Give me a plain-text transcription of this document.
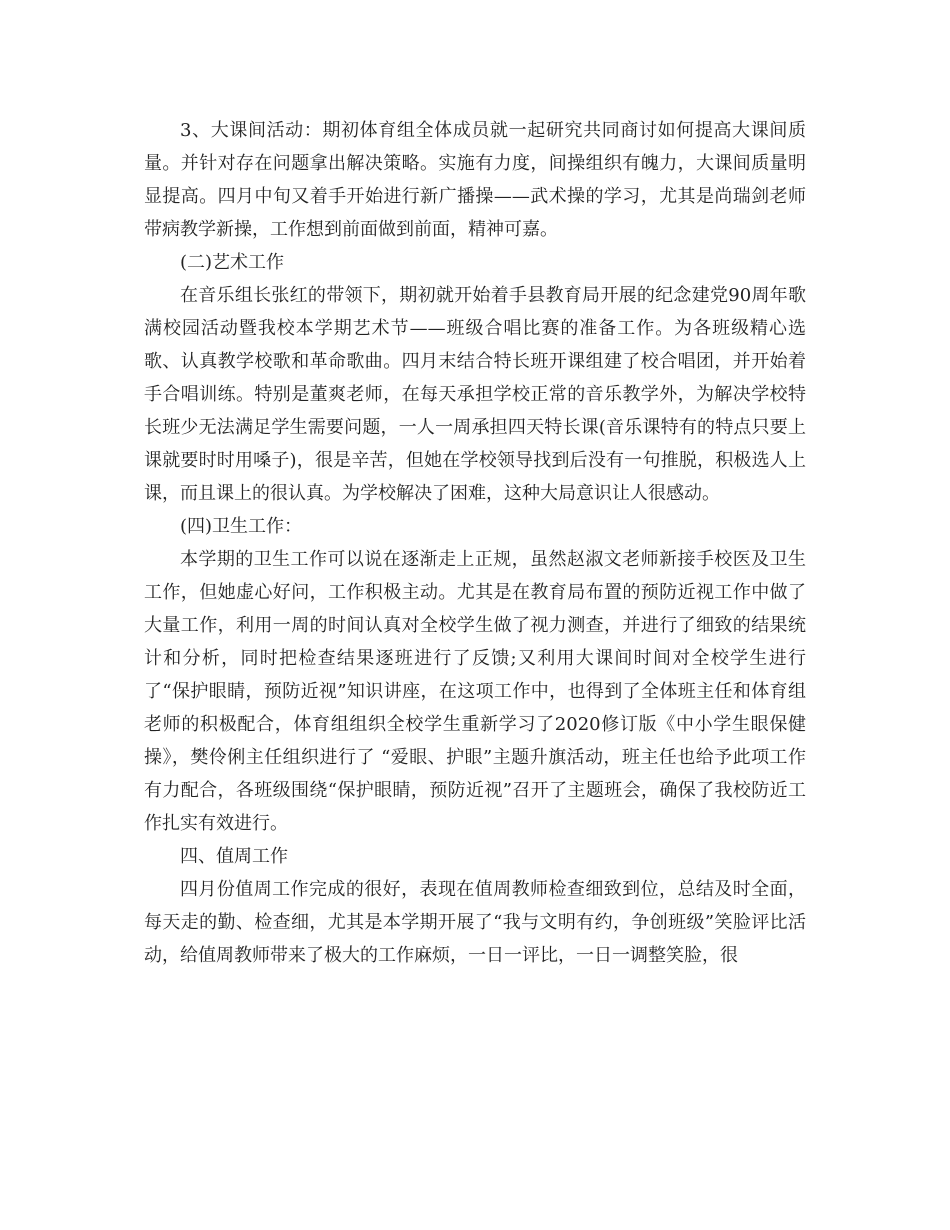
3、大课间活动：期初体育组全体成员就一起研究共同商讨如何提高大课间质量。并针对存在问题拿出解决策略。实施有力度，间操组织有魄力，大课间质量明显提高。四月中旬又着手开始进行新广播操——武术操的学习，尤其是尚瑞剑老师带病教学新操，工作想到前面做到前面，精神可嘉。

(二)艺术工作

在音乐组长张红的带领下，期初就开始着手县教育局开展的纪念建党90周年歌满校园活动暨我校本学期艺术节——班级合唱比赛的准备工作。为各班级精心选歌、认真教学校歌和革命歌曲。四月末结合特长班开课组建了校合唱团，并开始着手合唱训练。特别是董爽老师，在每天承担学校正常的音乐教学外，为解决学校特长班少无法满足学生需要问题，一人一周承担四天特长课(音乐课特有的特点只要上课就要时时用嗓子)，很是辛苦，但她在学校领导找到后没有一句推脱，积极选人上课，而且课上的很认真。为学校解决了困难，这种大局意识让人很感动。

(四)卫生工作：

本学期的卫生工作可以说在逐渐走上正规，虽然赵淑文老师新接手校医及卫生工作，但她虚心好问，工作积极主动。尤其是在教育局布置的预防近视工作中做了大量工作，利用一周的时间认真对全校学生做了视力测查，并进行了细致的结果统计和分析，同时把检查结果逐班进行了反馈;又利用大课间时间对全校学生进行了“保护眼睛，预防近视”知识讲座，在这项工作中，也得到了全体班主任和体育组老师的积极配合，体育组组织全校学生重新学习了2020修订版《中小学生眼保健操》，樊伶俐主任组织进行了 “爱眼、护眼”主题升旗活动，班主任也给予此项工作有力配合，各班级围绕“保护眼睛，预防近视”召开了主题班会，确保了我校防近工作扎实有效进行。

四、值周工作

四月份值周工作完成的很好，表现在值周教师检查细致到位，总结及时全面，每天走的勤、检查细，尤其是本学期开展了“我与文明有约，争创班级”笑脸评比活动，给值周教师带来了极大的工作麻烦，一日一评比，一日一调整笑脸，很
